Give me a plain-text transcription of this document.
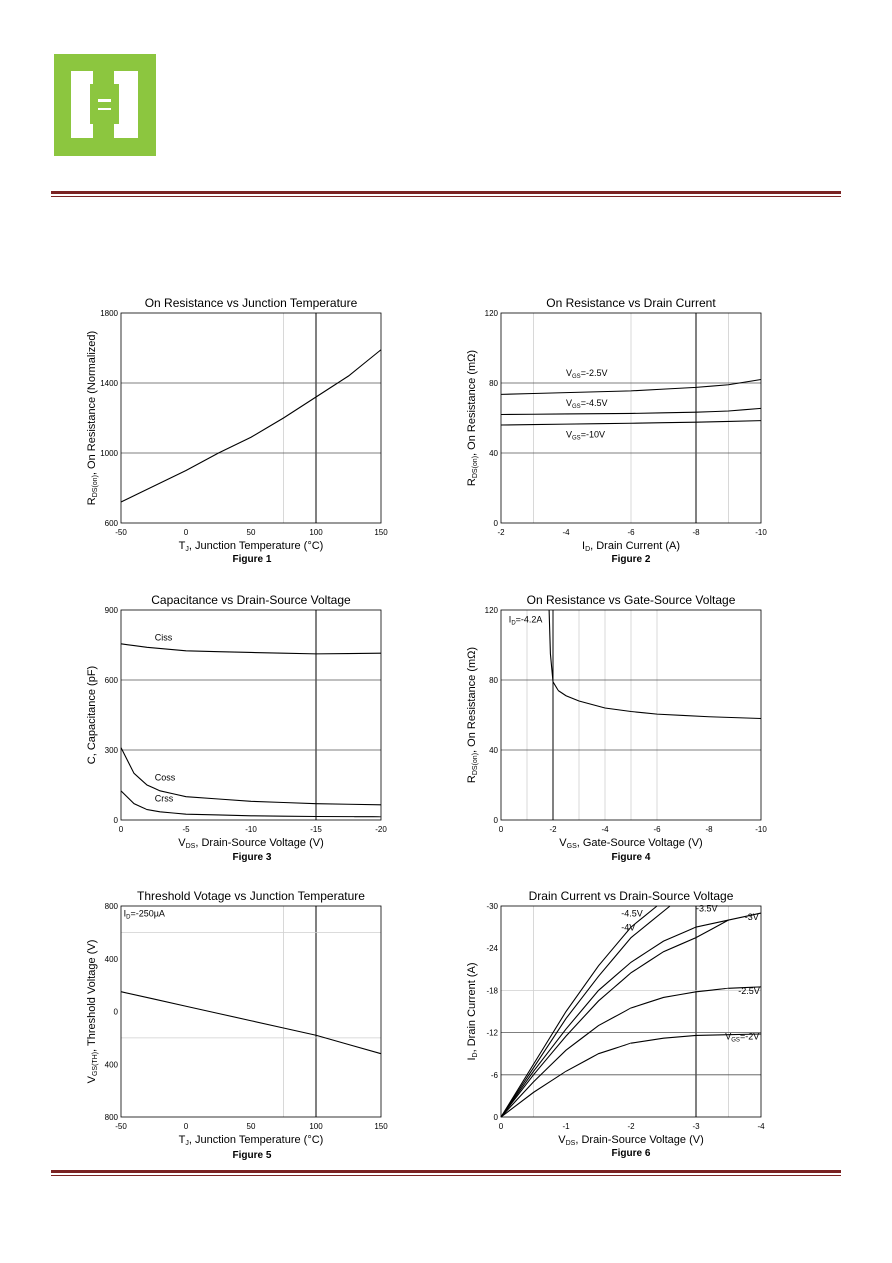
-50	0	50	100	150
600
1000
1400
1800
On Resistance vs Junction Temperature
TJ, Junction Temperature (°C)
RDS(on), On Resistance (Normalized)
-2	-4	-6	-8	-10
0
40
80
120
On Resistance vs Drain Current
ID, Drain Current (A)
RDS(on), On Resistance (mΩ)	$V_{GS}=-2.5V$
$V_{GS}=-4.5V$
$V_{GS}=-10V$
0	-5	-10	-15	-20
0
300
600
900
Capacitance vs Drain-Source Voltage
VDS, Drain-Source Voltage (V)
C, Capacitance (pF)
Ciss
Coss
Crss
0	-2	-4	-6	-8	-10
0
40
80
120
On Resistance vs Gate-Source Voltage
VGS, Gate-Source Voltage (V)
RDS(on), On Resistance (mΩ)
$I_D=-4.2A$
-50	0	50	100	150
800
400
0
400
800
Threshold Votage vs Junction Temperature
TJ, Junction Temperature (°C)
VGS(TH), Threshold Voltage (V)
$I_D=-250\mu A$
0	-1	-2	-3	-4
0
-6
-12
-18
-24
-30
Drain Current vs Drain-Source Voltage
VDS, Drain-Source Voltage (V)
ID, Drain Current (A)
-4.5V
-4V
-3.5V
-3V
-2.5V
$V_{GS}=-2V$
Figure 1	Figure 2
Figure 3	Figure 4
Figure 5	Figure 6
